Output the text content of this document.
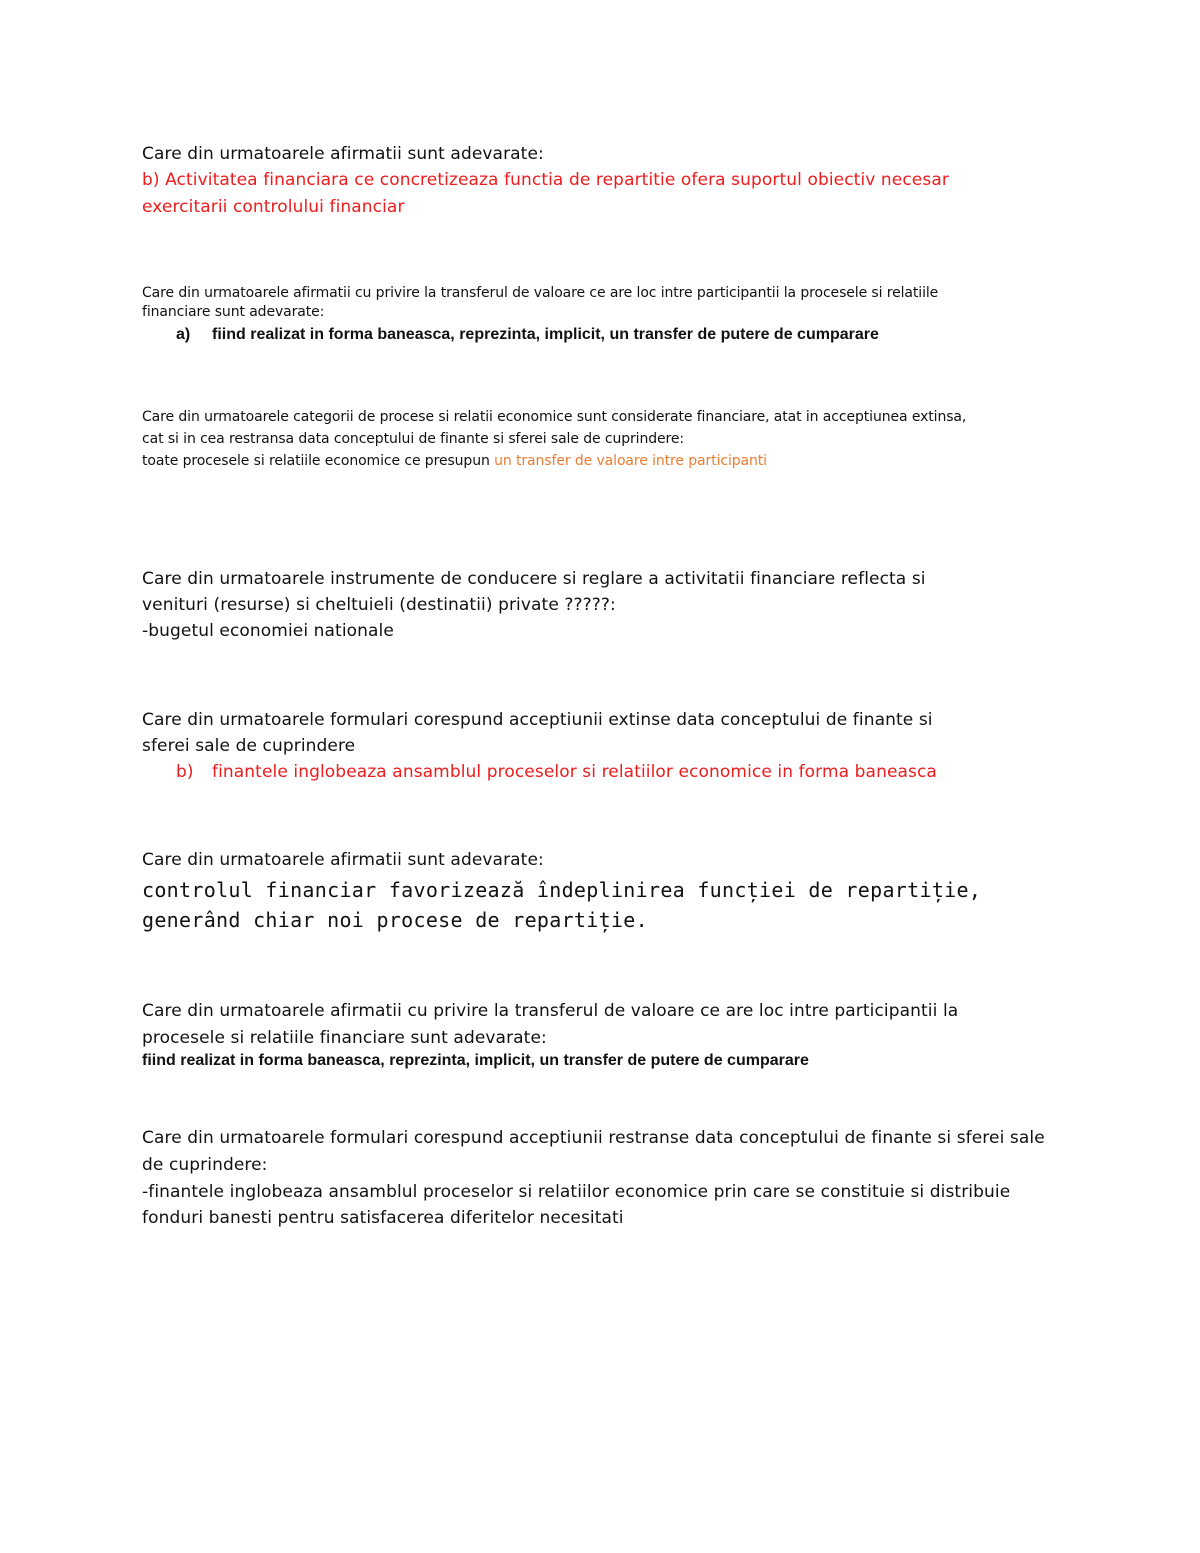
Care din urmatoarele afirmatii sunt adevarate:
b) Activitatea financiara ce concretizeaza functia de repartitie ofera suportul obiectiv necesar
exercitarii controlului financiar
Care din urmatoarele afirmatii cu privire la transferul de valoare ce are loc intre participantii la procesele si relatiile
financiare sunt adevarate:
a) fiind realizat in forma baneasca, reprezinta, implicit, un transfer de putere de cumparare
Care din urmatoarele categorii de procese si relatii economice sunt considerate financiare, atat in acceptiunea extinsa,
cat si in cea restransa data conceptului de finante si sferei sale de cuprindere:
toate procesele si relatiile economice ce presupun un transfer de valoare intre participanti
Care din urmatoarele instrumente de conducere si reglare a activitatii financiare reflecta si
venituri (resurse) si cheltuieli (destinatii) private ?????:
-bugetul economiei nationale
Care din urmatoarele formulari corespund acceptiunii extinse data conceptului de finante si
sferei sale de cuprindere
b) finantele inglobeaza ansamblul proceselor si relatiilor economice in forma baneasca
Care din urmatoarele afirmatii sunt adevarate:
controlul financiar favorizează îndeplinirea funcției de repartiție,
generând chiar noi procese de repartiție.
Care din urmatoarele afirmatii cu privire la transferul de valoare ce are loc intre participantii la
procesele si relatiile financiare sunt adevarate:
fiind realizat in forma baneasca, reprezinta, implicit, un transfer de putere de cumparare
Care din urmatoarele formulari corespund acceptiunii restranse data conceptului de finante si sferei sale
de cuprindere:
-finantele inglobeaza ansamblul proceselor si relatiilor economice prin care se constituie si distribuie
fonduri banesti pentru satisfacerea diferitelor necesitati
